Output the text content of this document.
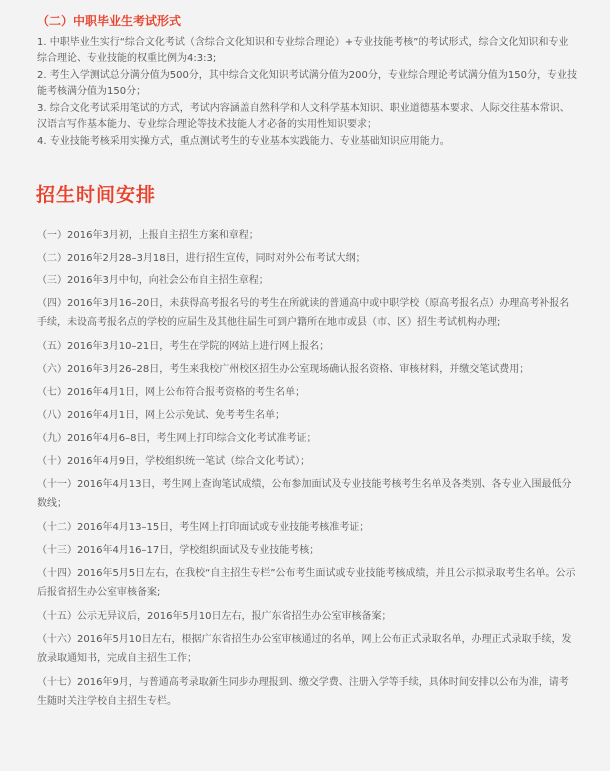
（二）中职毕业生考试形式

1. 中职毕业生实行“综合文化考试（含综合文化知识和专业综合理论）+专业技能考核”的考试形式，综合文化知识和专业综合理论、专业技能的权重比例为4:3:3;

2. 考生入学测试总分满分值为500分，其中综合文化知识考试满分值为200分，专业综合理论考试满分值为150分，专业技能考核满分值为150分；

3. 综合文化考试采用笔试的方式，考试内容涵盖自然科学和人文科学基本知识、职业道德基本要求、人际交往基本常识、汉语言写作基本能力、专业综合理论等技术技能人才必备的实用性知识要求；

4. 专业技能考核采用实操方式，重点测试考生的专业基本实践能力、专业基础知识应用能力。

招生时间安排

（一）2016年3月初，上报自主招生方案和章程；

（二）2016年2月28–3月18日，进行招生宣传，同时对外公布考试大纲；

（三）2016年3月中旬，向社会公布自主招生章程；

（四）2016年3月16–20日，未获得高考报名号的考生在所就读的普通高中或中职学校（原高考报名点）办理高考补报名手续，未设高考报名点的学校的应届生及其他往届生可到户籍所在地市或县（市、区）招生考试机构办理;

（五）2016年3月10–21日，考生在学院的网站上进行网上报名；

（六）2016年3月26–28日，考生来我校广州校区招生办公室现场确认报名资格、审核材料，并缴交笔试费用；

（七）2016年4月1日，网上公布符合报考资格的考生名单；

（八）2016年4月1日，网上公示免试、免考考生名单；

（九）2016年4月6–8日，考生网上打印综合文化考试准考证；

（十）2016年4月9日，学校组织统一笔试（综合文化考试）；

（十一）2016年4月13日，考生网上查询笔试成绩，公布参加面试及专业技能考核考生名单及各类别、各专业入围最低分数线；

（十二）2016年4月13–15日，考生网上打印面试或专业技能考核准考证；

（十三）2016年4月16–17日，学校组织面试及专业技能考核；

（十四）2016年5月5日左右，在我校“自主招生专栏”公布考生面试或专业技能考核成绩，并且公示拟录取考生名单。公示后报省招生办公室审核备案;

（十五）公示无异议后，2016年5月10日左右，报广东省招生办公室审核备案；

（十六）2016年5月10日左右，根据广东省招生办公室审核通过的名单，网上公布正式录取名单，办理正式录取手续，发放录取通知书，完成自主招生工作；

（十七）2016年9月，与普通高考录取新生同步办理报到、缴交学费、注册入学等手续，具体时间安排以公布为准，请考生随时关注学校自主招生专栏。
